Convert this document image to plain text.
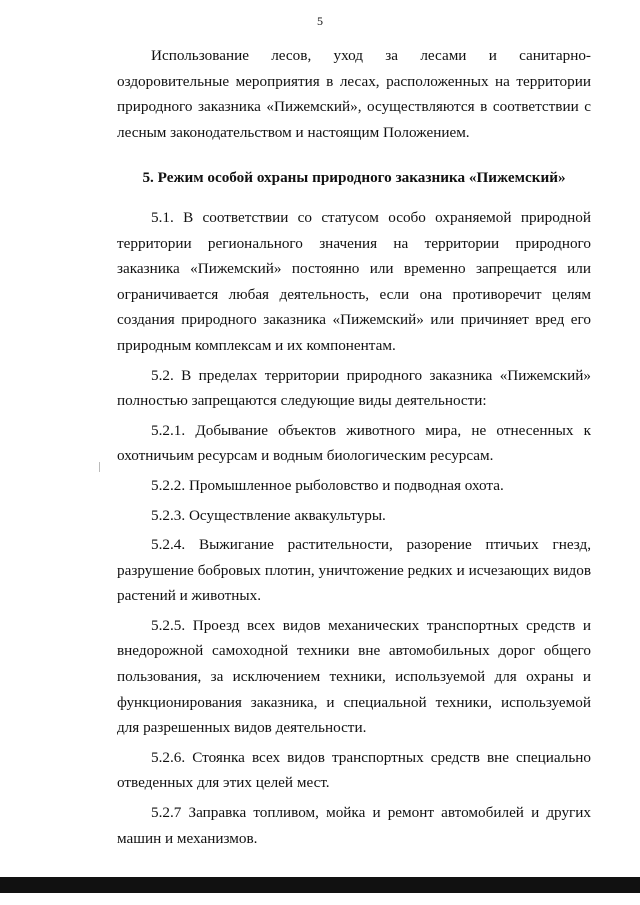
5

Использование лесов, уход за лесами и санитарно-оздоровительные мероприятия в лесах, расположенных на территории природного заказника «Пижемский», осуществляются в соответствии с лесным законодательством и настоящим Положением.

5. Режим особой охраны природного заказника «Пижемский»

5.1. В соответствии со статусом особо охраняемой природной территории регионального значения на территории природного заказника «Пижемский» постоянно или временно запрещается или ограничивается любая деятельность, если она противоречит целям создания природного заказника «Пижемский» или причиняет вред его природным комплексам и их компонентам.

5.2. В пределах территории природного заказника «Пижемский» полностью запрещаются следующие виды деятельности:

5.2.1. Добывание объектов животного мира, не отнесенных к охотничьим ресурсам и водным биологическим ресурсам.

5.2.2. Промышленное рыболовство и подводная охота.

5.2.3. Осуществление аквакультуры.

5.2.4. Выжигание растительности, разорение птичьих гнезд, разрушение бобровых плотин, уничтожение редких и исчезающих видов растений и животных.

5.2.5. Проезд всех видов механических транспортных средств и внедорожной самоходной техники вне автомобильных дорог общего пользования, за исключением техники, используемой для охраны и функционирования заказника, и специальной техники, используемой для разрешенных видов деятельности.

5.2.6. Стоянка всех видов транспортных средств вне специально отведенных для этих целей мест.

5.2.7 Заправка топливом, мойка и ремонт автомобилей и других машин и механизмов.
